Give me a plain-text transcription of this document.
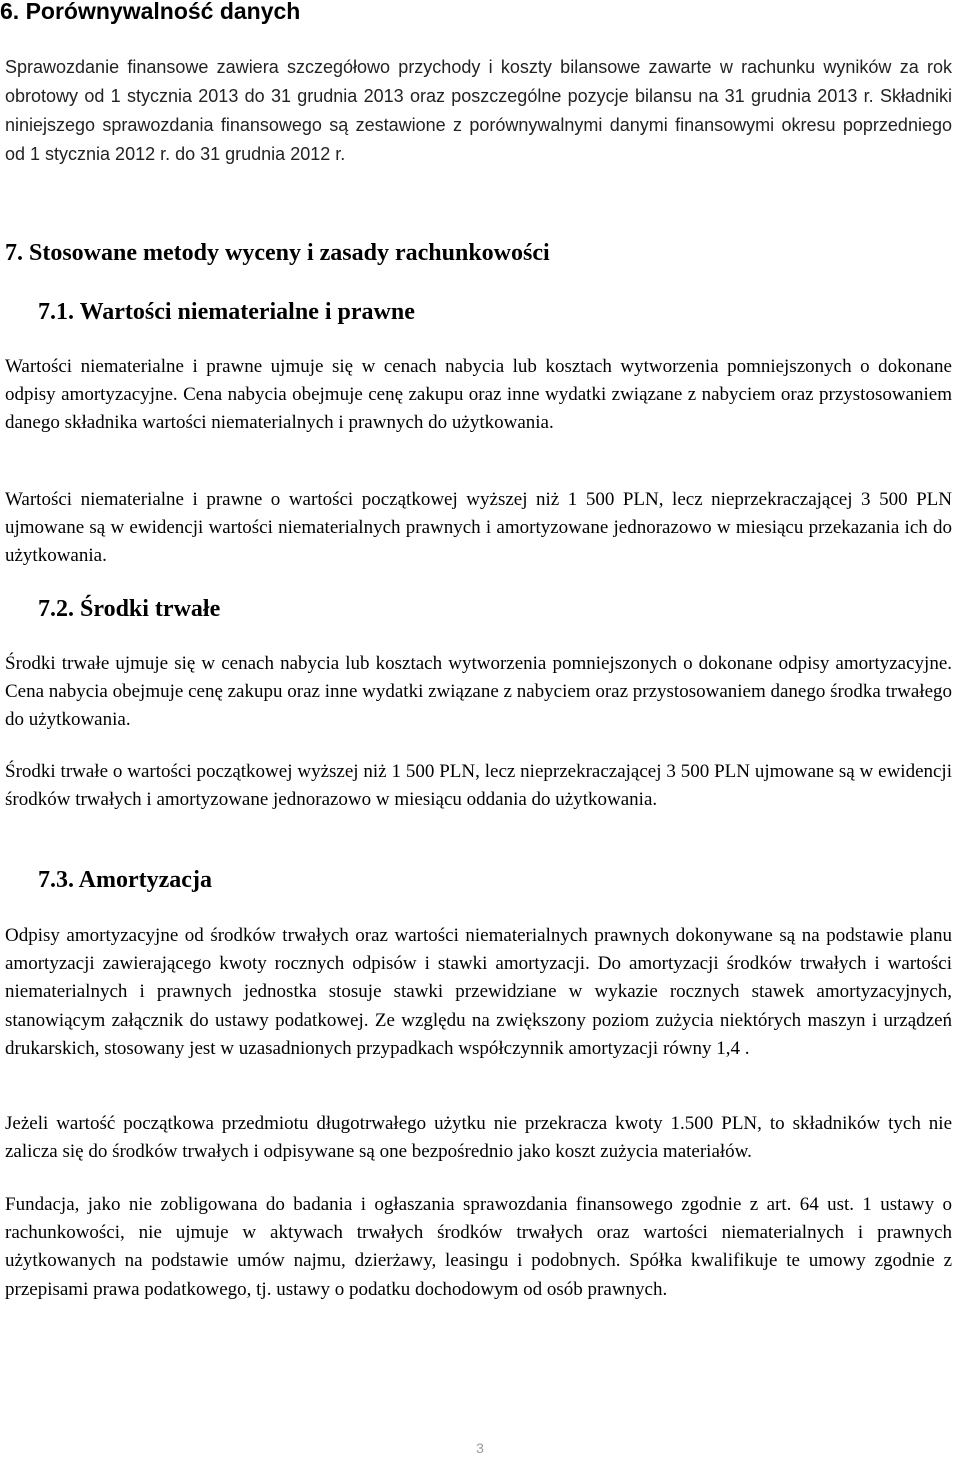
6. Porównywalność danych

Sprawozdanie finansowe zawiera szczegółowo przychody i koszty bilansowe zawarte w rachunku wyników za rok obrotowy od 1 stycznia 2013 do 31 grudnia 2013 oraz poszczególne pozycje bilansu na 31 grudnia 2013 r. Składniki niniejszego sprawozdania finansowego są zestawione z porównywalnymi danymi finansowymi okresu poprzedniego od 1 stycznia 2012 r. do 31 grudnia 2012 r.

7. Stosowane metody wyceny i zasady rachunkowości
7.1. Wartości niematerialne i prawne

Wartości niematerialne i prawne ujmuje się w cenach nabycia lub kosztach wytworzenia pomniejszonych o dokonane odpisy amortyzacyjne. Cena nabycia obejmuje cenę zakupu oraz inne wydatki związane z nabyciem oraz przystosowaniem danego składnika wartości niematerialnych i prawnych do użytkowania.

Wartości niematerialne i prawne o wartości początkowej wyższej niż 1 500 PLN, lecz nieprzekraczającej 3 500 PLN ujmowane są w ewidencji wartości niematerialnych prawnych i amortyzowane jednorazowo w miesiącu przekazania ich do użytkowania.

7.2. Środki trwałe

Środki trwałe ujmuje się w cenach nabycia lub kosztach wytworzenia pomniejszonych o dokonane odpisy amortyzacyjne. Cena nabycia obejmuje cenę zakupu oraz inne wydatki związane z nabyciem oraz przystosowaniem danego środka trwałego do użytkowania.

Środki trwałe o wartości początkowej wyższej niż 1 500 PLN, lecz nieprzekraczającej 3 500 PLN ujmowane są w ewidencji środków trwałych i amortyzowane jednorazowo w miesiącu oddania do użytkowania.

7.3. Amortyzacja

Odpisy amortyzacyjne od środków trwałych oraz wartości niematerialnych prawnych dokonywane są na podstawie planu amortyzacji zawierającego kwoty rocznych odpisów i stawki amortyzacji. Do amortyzacji środków trwałych i wartości niematerialnych i prawnych jednostka stosuje stawki przewidziane w wykazie rocznych stawek amortyzacyjnych, stanowiącym załącznik do ustawy podatkowej. Ze względu na zwiększony poziom zużycia niektórych maszyn i urządzeń drukarskich, stosowany jest w uzasadnionych przypadkach współczynnik amortyzacji równy 1,4 .

Jeżeli wartość początkowa przedmiotu długotrwałego użytku nie przekracza kwoty 1.500 PLN, to składników tych nie zalicza się do środków trwałych i odpisywane są one bezpośrednio jako koszt zużycia materiałów.

Fundacja, jako nie zobligowana do badania i ogłaszania sprawozdania finansowego zgodnie z art. 64 ust. 1 ustawy o rachunkowości, nie ujmuje w aktywach trwałych środków trwałych oraz wartości niematerialnych i prawnych użytkowanych na podstawie umów najmu, dzierżawy, leasingu i podobnych. Spółka kwalifikuje te umowy zgodnie z przepisami prawa podatkowego, tj. ustawy o podatku dochodowym od osób prawnych.

3
